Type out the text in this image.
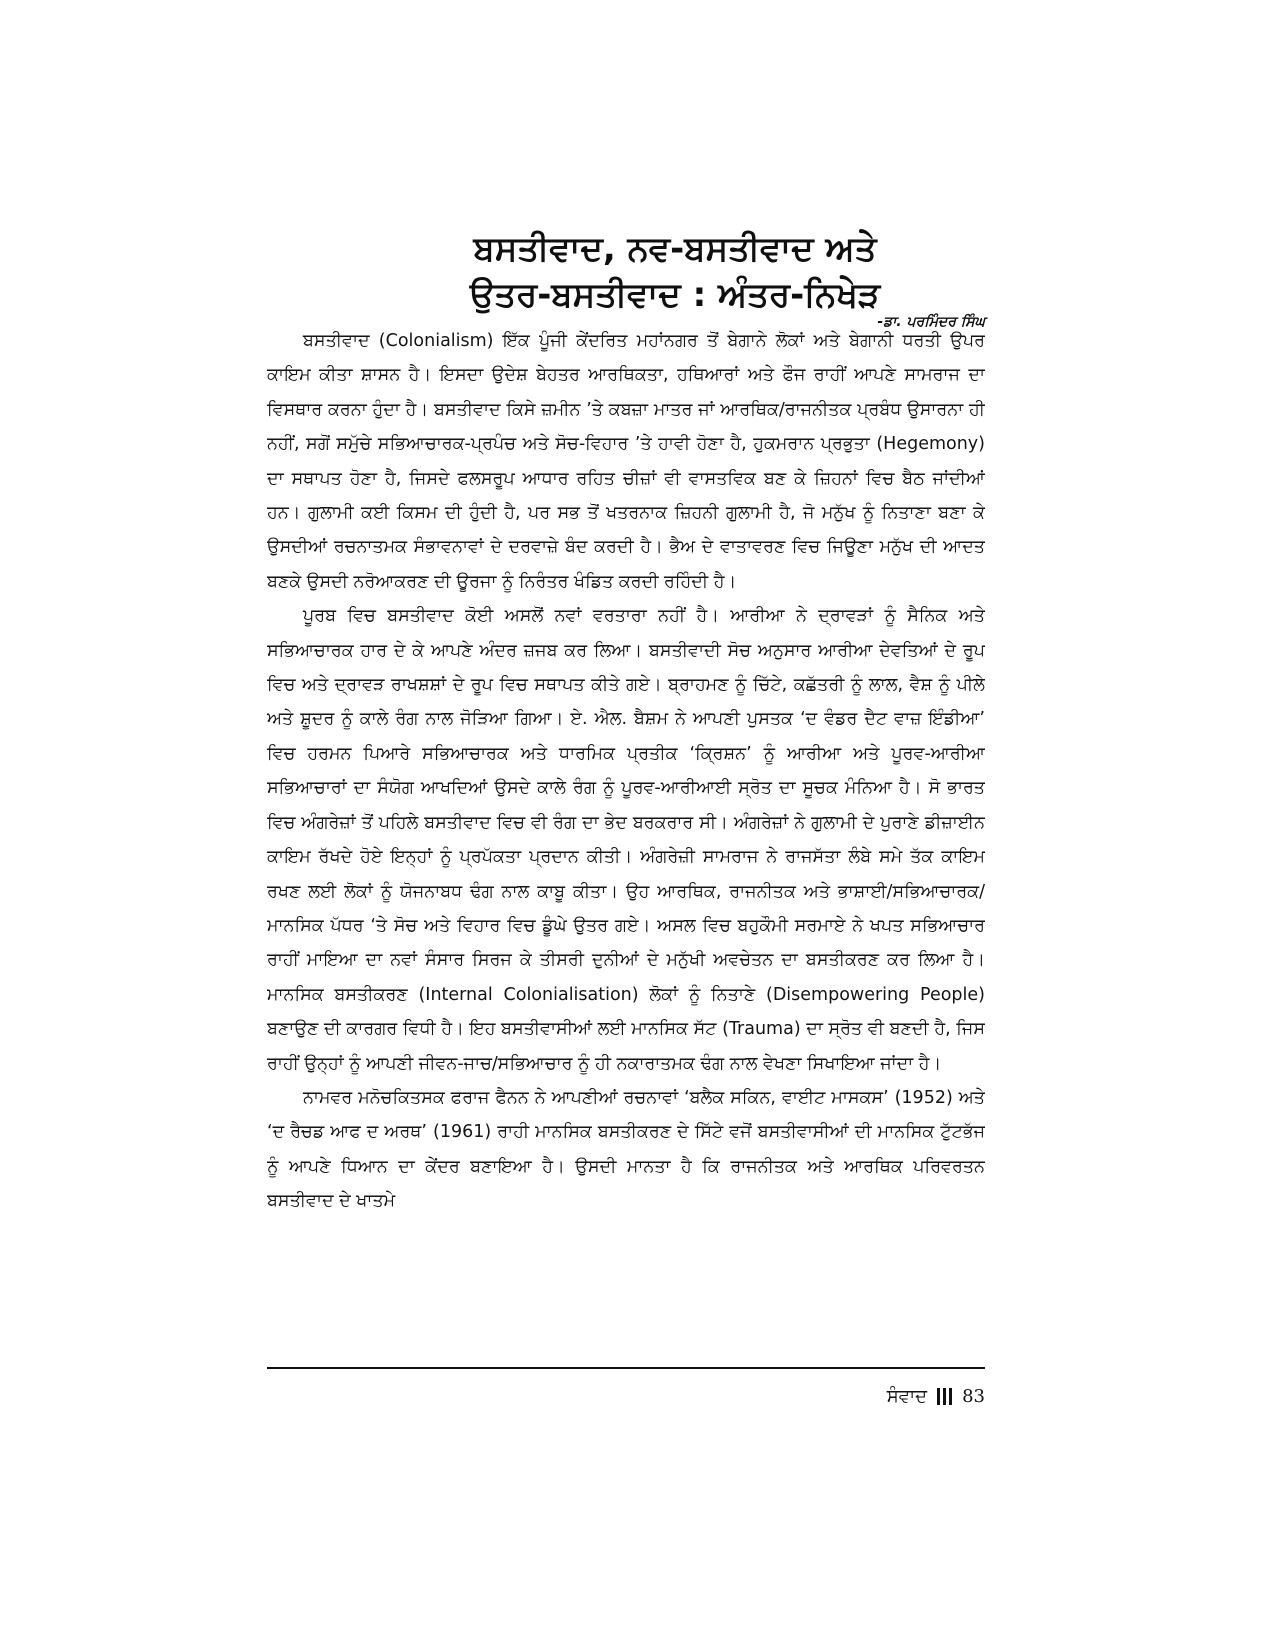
ਬਸਤੀਵਾਦ, ਨਵ-ਬਸਤੀਵਾਦ ਅਤੇ
ਉਤਰ-ਬਸਤੀਵਾਦ : ਅੰਤਰ-ਨਿਖੇੜ
-ਡਾ. ਪਰਮਿੰਦਰ ਸਿੰਘ

ਬਸਤੀਵਾਦ (Colonialism) ਇੱਕ ਪੂੰਜੀ ਕੇਂਦਰਿਤ ਮਹਾਂਨਗਰ ਤੋਂ ਬੇਗਾਨੇ ਲੋਕਾਂ ਅਤੇ ਬੇਗਾਨੀ ਧਰਤੀ ਉਪਰ ਕਾਇਮ ਕੀਤਾ ਸ਼ਾਸਨ ਹੈ। ਇਸਦਾ ਉਦੇਸ਼ ਬੇਹਤਰ ਆਰਥਿਕਤਾ, ਹਥਿਆਰਾਂ ਅਤੇ ਫੌਜ ਰਾਹੀਂ ਆਪਣੇ ਸਾਮਰਾਜ ਦਾ ਵਿਸਥਾਰ ਕਰਨਾ ਹੁੰਦਾ ਹੈ। ਬਸਤੀਵਾਦ ਕਿਸੇ ਜ਼ਮੀਨ ’ਤੇ ਕਬਜ਼ਾ ਮਾਤਰ ਜਾਂ ਆਰਥਿਕ/ਰਾਜਨੀਤਕ ਪ੍ਰਬੰਧ ਉਸਾਰਨਾ ਹੀ ਨਹੀਂ, ਸਗੋਂ ਸਮੁੱਚੇ ਸਭਿਆਚਾਰਕ-ਪ੍ਰਪੰਚ ਅਤੇ ਸੋਚ-ਵਿਹਾਰ ’ਤੇ ਹਾਵੀ ਹੋਣਾ ਹੈ, ਹੁਕਮਰਾਨ ਪ੍ਰਭੁਤਾ (Hegemony) ਦਾ ਸਥਾਪਤ ਹੋਣਾ ਹੈ, ਜਿਸਦੇ ਫਲਸਰੂਪ ਆਧਾਰ ਰਹਿਤ ਚੀਜ਼ਾਂ ਵੀ ਵਾਸਤਵਿਕ ਬਣ ਕੇ ਜ਼ਿਹਨਾਂ ਵਿਚ ਬੈਠ ਜਾਂਦੀਆਂ ਹਨ। ਗੁਲਾਮੀ ਕਈ ਕਿਸਮ ਦੀ ਹੁੰਦੀ ਹੈ, ਪਰ ਸਭ ਤੋਂ ਖਤਰਨਾਕ ਜ਼ਿਹਨੀ ਗੁਲਾਮੀ ਹੈ, ਜੋ ਮਨੁੱਖ ਨੂੰ ਨਿਤਾਣਾ ਬਣਾ ਕੇ ਉਸਦੀਆਂ ਰਚਨਾਤਮਕ ਸੰਭਾਵਨਾਵਾਂ ਦੇ ਦਰਵਾਜ਼ੇ ਬੰਦ ਕਰਦੀ ਹੈ। ਭੈਅ ਦੇ ਵਾਤਾਵਰਣ ਵਿਚ ਜਿਊਣਾ ਮਨੁੱਖ ਦੀ ਆਦਤ ਬਣਕੇ ਉਸਦੀ ਨਰੋਆਕਰਣ ਦੀ ਊਰਜਾ ਨੂੰ ਨਿਰੰਤਰ ਖੰਡਿਤ ਕਰਦੀ ਰਹਿੰਦੀ ਹੈ।

ਪੂਰਬ ਵਿਚ ਬਸਤੀਵਾਦ ਕੋਈ ਅਸਲੋਂ ਨਵਾਂ ਵਰਤਾਰਾ ਨਹੀਂ ਹੈ। ਆਰੀਆ ਨੇ ਦ੍ਰਾਵੜਾਂ ਨੂੰ ਸੈਨਿਕ ਅਤੇ ਸਭਿਆਚਾਰਕ ਹਾਰ ਦੇ ਕੇ ਆਪਣੇ ਅੰਦਰ ਜ਼ਜਬ ਕਰ ਲਿਆ। ਬਸਤੀਵਾਦੀ ਸੋਚ ਅਨੁਸਾਰ ਆਰੀਆ ਦੇਵਤਿਆਂ ਦੇ ਰੂਪ ਵਿਚ ਅਤੇ ਦ੍ਰਾਵੜ ਰਾਖਸ਼ਸ਼ਾਂ ਦੇ ਰੂਪ ਵਿਚ ਸਥਾਪਤ ਕੀਤੇ ਗਏ। ਬ੍ਰਾਹਮਣ ਨੂੰ ਚਿੱਟੇ, ਕਛੱਤਰੀ ਨੂੰ ਲਾਲ, ਵੈਸ਼ ਨੂੰ ਪੀਲੇ ਅਤੇ ਸ਼ੂਦਰ ਨੂੰ ਕਾਲੇ ਰੰਗ ਨਾਲ ਜੋੜਿਆ ਗਿਆ। ਏ. ਐਲ. ਬੈਸ਼ਮ ਨੇ ਆਪਣੀ ਪੁਸਤਕ ‘ਦ ਵੰਡਰ ਦੈਟ ਵਾਜ਼ ਇੰਡੀਆ’ ਵਿਚ ਹਰਮਨ ਪਿਆਰੇ ਸਭਿਆਚਾਰਕ ਅਤੇ ਧਾਰਮਿਕ ਪ੍ਰਤੀਕ ‘ਕ੍ਰਿਸ਼ਨ’ ਨੂੰ ਆਰੀਆ ਅਤੇ ਪੂਰਵ-ਆਰੀਆ ਸਭਿਆਚਾਰਾਂ ਦਾ ਸੰਯੋਗ ਆਖਦਿਆਂ ਉਸਦੇ ਕਾਲੇ ਰੰਗ ਨੂੰ ਪੂਰਵ-ਆਰੀਆਈ ਸ੍ਰੋਤ ਦਾ ਸੂਚਕ ਮੰਨਿਆ ਹੈ। ਸੋ ਭਾਰਤ ਵਿਚ ਅੰਗਰੇਜ਼ਾਂ ਤੋਂ ਪਹਿਲੇ ਬਸਤੀਵਾਦ ਵਿਚ ਵੀ ਰੰਗ ਦਾ ਭੇਦ ਬਰਕਰਾਰ ਸੀ। ਅੰਗਰੇਜ਼ਾਂ ਨੇ ਗੁਲਾਮੀ ਦੇ ਪੁਰਾਣੇ ਡੀਜ਼ਾਈਨ ਕਾਇਮ ਰੱਖਦੇ ਹੋਏ ਇਨ੍ਹਾਂ ਨੂੰ ਪ੍ਰਪੱਕਤਾ ਪ੍ਰਦਾਨ ਕੀਤੀ। ਅੰਗਰੇਜ਼ੀ ਸਾਮਰਾਜ ਨੇ ਰਾਜਸੱਤਾ ਲੰਬੇ ਸਮੇ ਤੱਕ ਕਾਇਮ ਰਖਣ ਲਈ ਲੋਕਾਂ ਨੂੰ ਯੋਜਨਾਬਧ ਢੰਗ ਨਾਲ ਕਾਬੂ ਕੀਤਾ। ਉਹ ਆਰਥਿਕ, ਰਾਜਨੀਤਕ ਅਤੇ ਭਾਸ਼ਾਈ/ਸਭਿਆਚਾਰਕ/ਮਾਨਸਿਕ ਪੱਧਰ ‘ਤੇ ਸੋਚ ਅਤੇ ਵਿਹਾਰ ਵਿਚ ਡੂੰਘੇ ਉਤਰ ਗਏ। ਅਸਲ ਵਿਚ ਬਹੁਕੌਮੀ ਸਰਮਾਏ ਨੇ ਖਪਤ ਸਭਿਆਚਾਰ ਰਾਹੀਂ ਮਾਇਆ ਦਾ ਨਵਾਂ ਸੰਸਾਰ ਸਿਰਜ ਕੇ ਤੀਸਰੀ ਦੁਨੀਆਂ ਦੇ ਮਨੁੱਖੀ ਅਵਚੇਤਨ ਦਾ ਬਸਤੀਕਰਣ ਕਰ ਲਿਆ ਹੈ। ਮਾਨਸਿਕ ਬਸਤੀਕਰਣ (Internal Colonialisation) ਲੋਕਾਂ ਨੂੰ ਨਿਤਾਣੇ (Disempowering People) ਬਣਾਉਣ ਦੀ ਕਾਰਗਰ ਵਿਧੀ ਹੈ। ਇਹ ਬਸਤੀਵਾਸੀਆਂ ਲਈ ਮਾਨਸਿਕ ਸੱਟ (Trauma) ਦਾ ਸ੍ਰੋਤ ਵੀ ਬਣਦੀ ਹੈ, ਜਿਸ ਰਾਹੀਂ ਉਨ੍ਹਾਂ ਨੂੰ ਆਪਣੀ ਜੀਵਨ-ਜਾਚ/ਸਭਿਆਚਾਰ ਨੂੰ ਹੀ ਨਕਾਰਾਤਮਕ ਢੰਗ ਨਾਲ ਵੇਖਣਾ ਸਿਖਾਇਆ ਜਾਂਦਾ ਹੈ।

ਨਾਮਵਰ ਮਨੋਚਕਿਤਸਕ ਫਰਾਜ ਫੈਨਨ ਨੇ ਆਪਣੀਆਂ ਰਚਨਾਵਾਂ ‘ਬਲੈਕ ਸਕਿਨ, ਵਾਈਟ ਮਾਸਕਸ’ (1952) ਅਤੇ ‘ਦ ਰੈਚਡ ਆਫ ਦ ਅਰਥ’ (1961) ਰਾਹੀ ਮਾਨਸਿਕ ਬਸਤੀਕਰਣ ਦੇ ਸਿੱਟੇ ਵਜੋਂ ਬਸਤੀਵਾਸੀਆਂ ਦੀ ਮਾਨਸਿਕ ਟੁੱਟਭੱਜ ਨੂੰ ਆਪਣੇ ਧਿਆਨ ਦਾ ਕੇਂਦਰ ਬਣਾਇਆ ਹੈ। ਉਸਦੀ ਮਾਨਤਾ ਹੈ ਕਿ ਰਾਜਨੀਤਕ ਅਤੇ ਆਰਥਿਕ ਪਰਿਵਰਤਨ ਬਸਤੀਵਾਦ ਦੇ ਖਾਤਮੇ

ਸੰਵਾਦ 83
